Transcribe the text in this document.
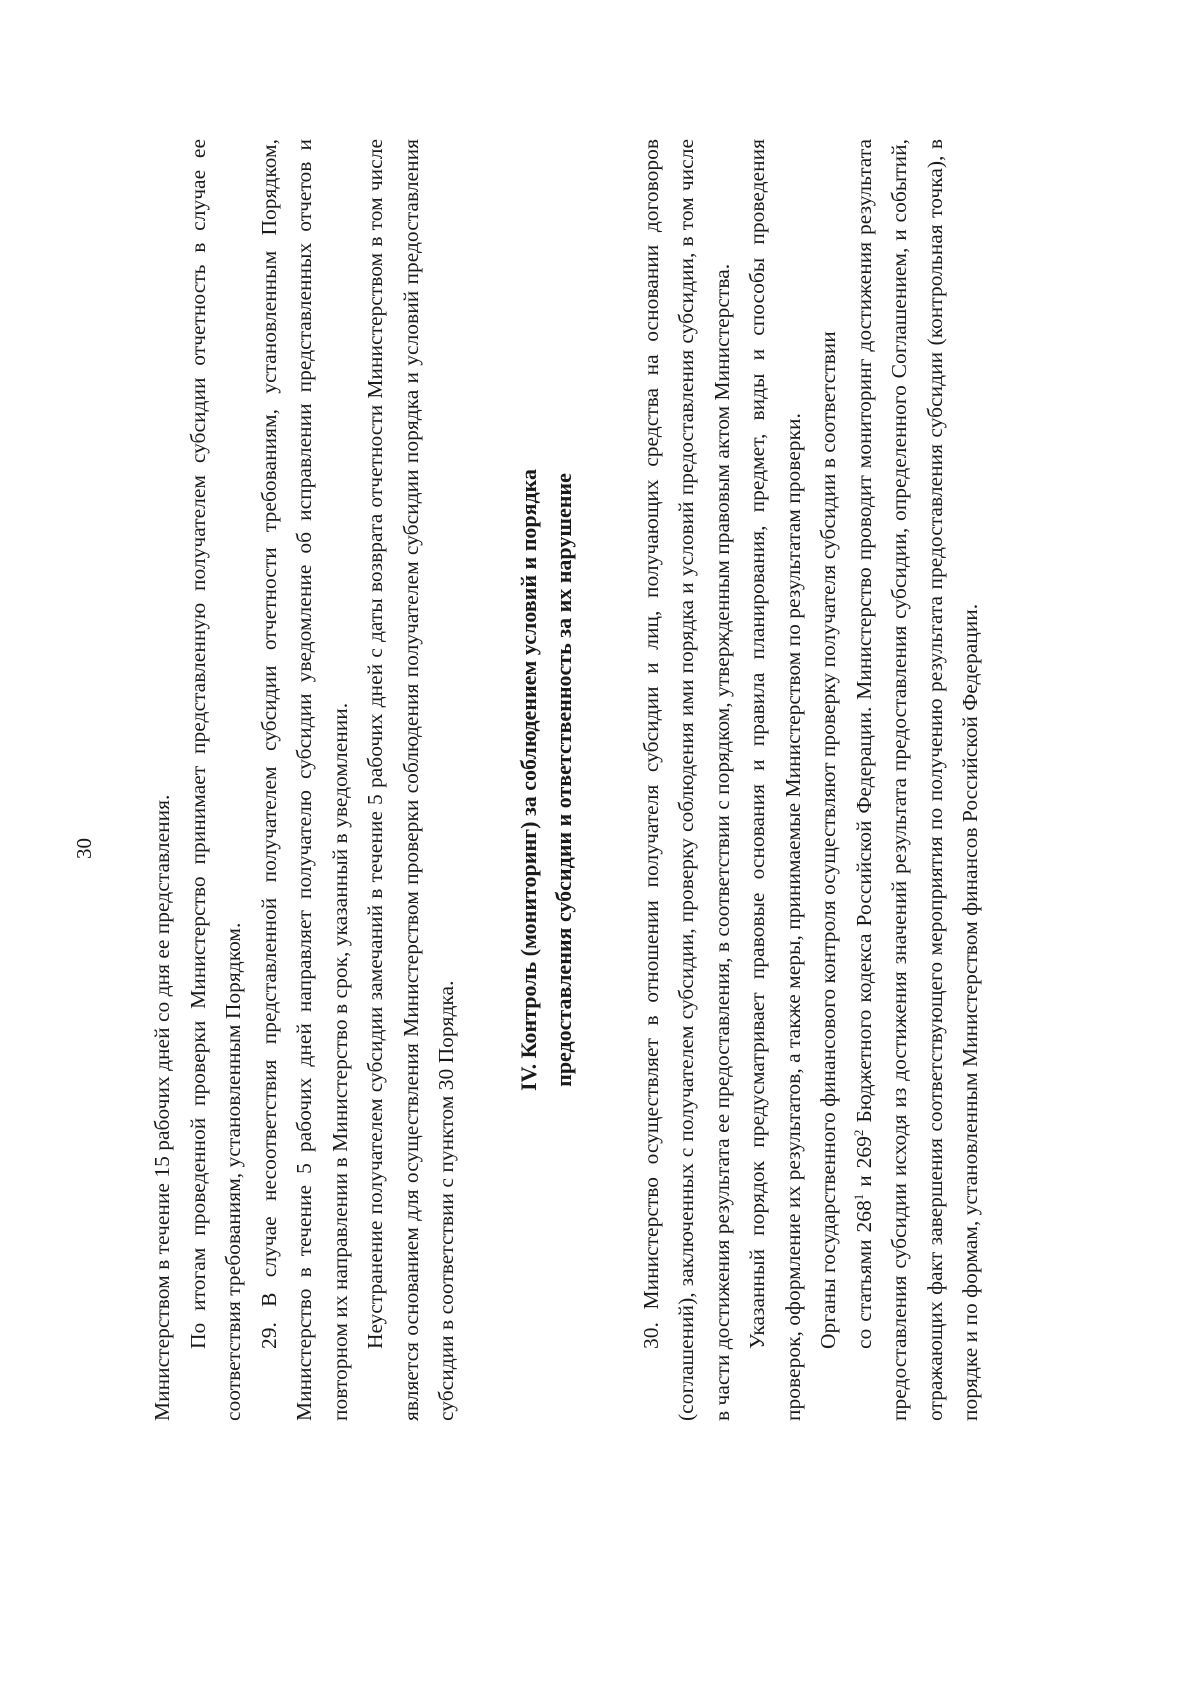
30	Министерством в течение 15 рабочих дней со дня ее представления. По итогам проведенной проверки Министерство принимает представленную получателем субсидии отчетность в случае ее соответствия требованиям, установленным Порядком. 29. В случае несоответствия представленной получателем субсидии отчетности требованиям, установленным Порядком, Министерство в течение 5 рабочих дней направляет получателю субсидии уведомление об исправлении представленных отчетов и повторном их направлении в Министерство в срок, указанный в уведомлении. Неустранение получателем субсидии замечаний в течение 5 рабочих дней с даты возврата отчетности Министерством в том числе является основанием для осуществления Министерством проверки соблюдения получателем субсидии порядка и условий предоставления субсидии в соответствии с пунктом 30 Порядка.

IV. Контроль (мониторинг) за соблюдением условий и порядка предоставления субсидии и ответственность за их нарушение	30. Министерство осуществляет в отношении получателя субсидии и лиц, получающих средства на основании договоров (соглашений), заключенных с получателем субсидии, проверку соблюдения ими порядка и условий предоставления субсидии, в том числе в части достижения результата ее предоставления, в соответствии с порядком, утвержденным правовым актом Министерства. Указанный порядок предусматривает правовые основания и правила планирования, предмет, виды и способы проведения проверок, оформление их результатов, а также меры, принимаемые Министерством по результатам проверки. Органы государственного финансового контроля осуществляют проверку получателя субсидии в соответствии со статьями $268^1$ и $269^2$ Бюджетного кодекса Российской Федерации. Министерство проводит мониторинг достижения результата предоставления субсидии исходя из достижения значений результата предоставления субсидии, определенного Соглашением, и событий, отражающих факт завершения соответствующего мероприятия по получению результата предоставления субсидии (контрольная точка), в порядке и по формам, установленным Министерством финансов Российской Федерации.
